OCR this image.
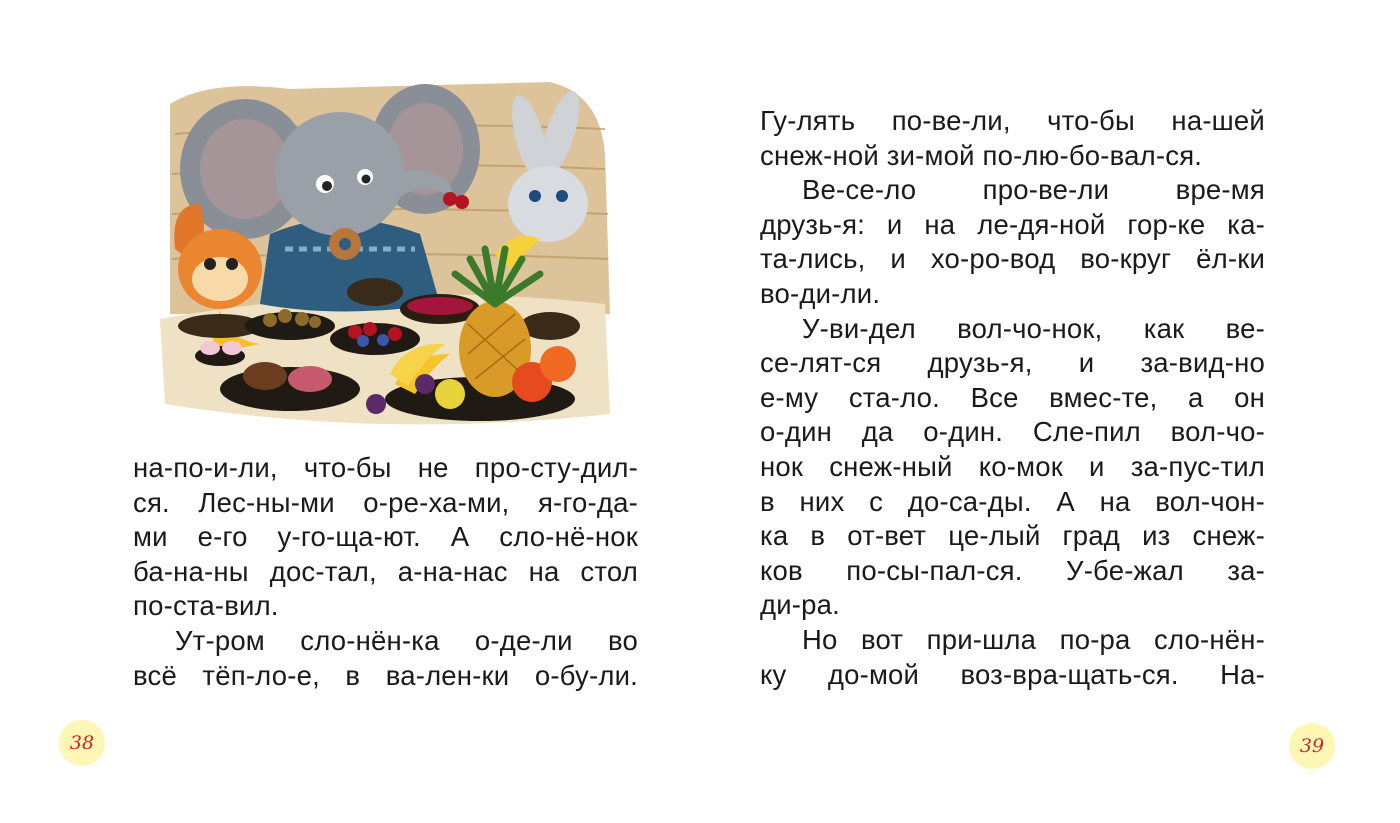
на-по-и-ли, что-бы не про-сту-дил-

ся. Лес-ны-ми о-ре-ха-ми, я-го-да-

ми е-го у-го-ща-ют. А сло-нё-нок

ба-на-ны дос-тал, а-на-нас на стол

по-ста-вил.

Ут-ром сло-нён-ка о-де-ли во

всё тёп-ло-е, в ва-лен-ки о-бу-ли.

38

Гу-лять по-ве-ли, что-бы на-шей

снеж-ной зи-мой по-лю-бо-вал-ся.

Ве-се-ло про-ве-ли вре-мя

друзь-я: и на ле-дя-ной гор-ке ка-

та-лись, и хо-ро-вод во-круг ёл-ки

во-ди-ли.

У-ви-дел вол-чо-нок, как ве-

се-лят-ся друзь-я, и за-вид-но

е-му ста-ло. Все вмес-те, а он

о-дин да о-дин. Сле-пил вол-чо-

нок снеж-ный ко-мок и за-пус-тил

в них с до-са-ды. А на вол-чон-

ка в от-вет це-лый град из снеж-

ков по-сы-пал-ся. У-бе-жал за-

ди-ра.

Но вот при-шла по-ра сло-нён-

ку до-мой воз-вра-щать-ся. На-

39
